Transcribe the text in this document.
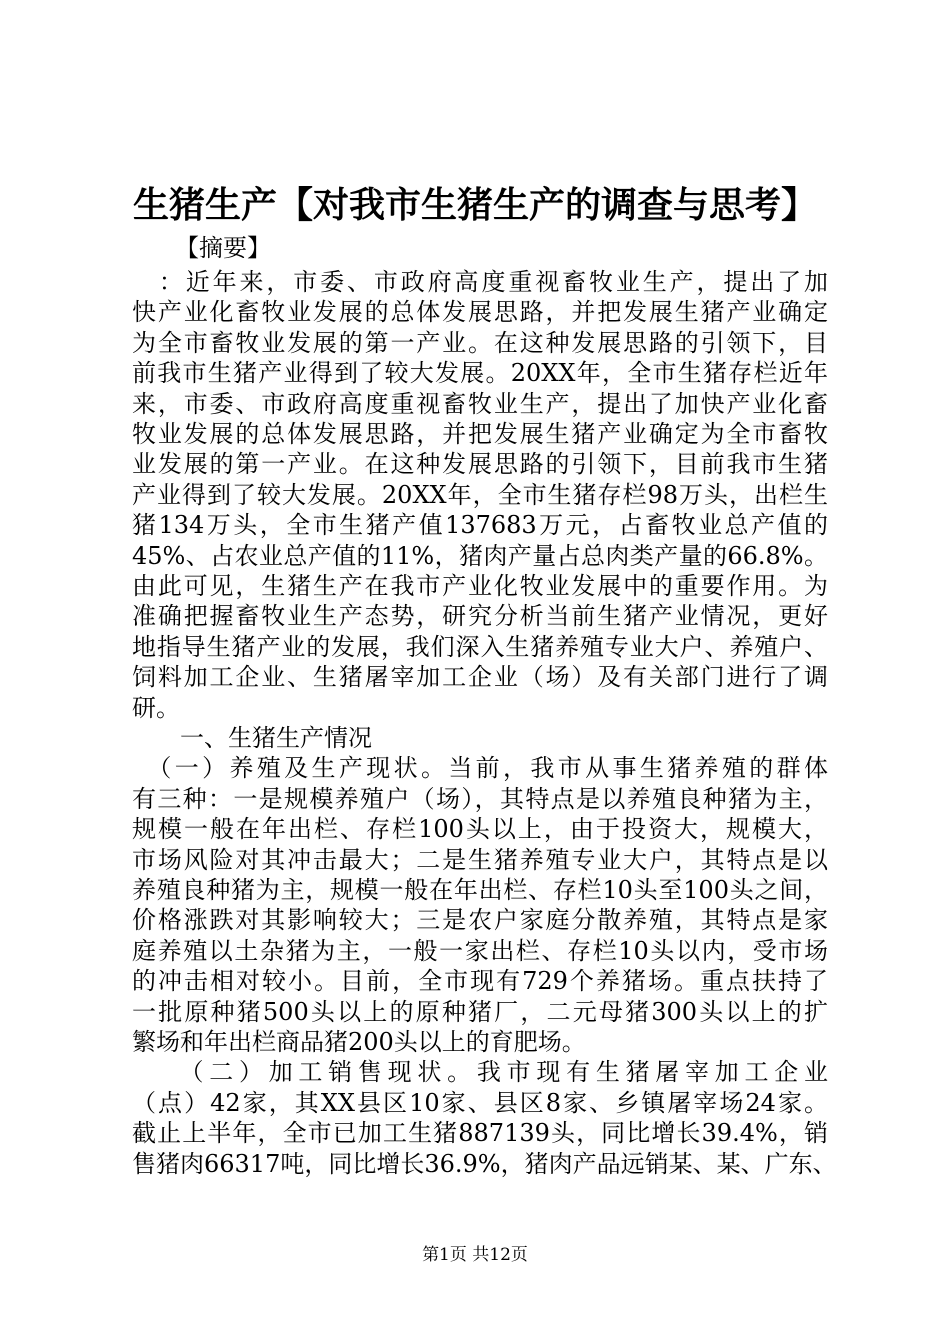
生猪生产【对我市生猪生产的调查与思考】
【摘要】
　：近年来，市委、市政府高度重视畜牧业生产，提出了加
快产业化畜牧业发展的总体发展思路，并把发展生猪产业确定
为全市畜牧业发展的第一产业。在这种发展思路的引领下，目
前我市生猪产业得到了较大发展。20XX年，全市生猪存栏近年
来，市委、市政府高度重视畜牧业生产，提出了加快产业化畜
牧业发展的总体发展思路，并把发展生猪产业确定为全市畜牧
业发展的第一产业。在这种发展思路的引领下，目前我市生猪
产业得到了较大发展。20XX年，全市生猪存栏98万头，出栏生
猪134万头，全市生猪产值137683万元，占畜牧业总产值的
45%、占农业总产值的11%，猪肉产量占总肉类产量的66.8%。
由此可见，生猪生产在我市产业化牧业发展中的重要作用。为
准确把握畜牧业生产态势，研究分析当前生猪产业情况，更好
地指导生猪产业的发展，我们深入生猪养殖专业大户、养殖户、
饲料加工企业、生猪屠宰加工企业（场）及有关部门进行了调
研。
　　一、生猪生产情况
　（一）养殖及生产现状。当前，我市从事生猪养殖的群体
有三种：一是规模养殖户（场），其特点是以养殖良种猪为主，
规模一般在年出栏、存栏100头以上，由于投资大，规模大，
市场风险对其冲击最大；二是生猪养殖专业大户，其特点是以
养殖良种猪为主，规模一般在年出栏、存栏10头至100头之间，
价格涨跌对其影响较大；三是农户家庭分散养殖，其特点是家
庭养殖以土杂猪为主，一般一家出栏、存栏10头以内，受市场
的冲击相对较小。目前，全市现有729个养猪场。重点扶持了
一批原种猪500头以上的原种猪厂，二元母猪300头以上的扩
繁场和年出栏商品猪200头以上的育肥场。
　　（二）加工销售现状。我市现有生猪屠宰加工企业
（点）42家，其XX县区10家、县区8家、乡镇屠宰场24家。
第1页 共12页
截止上半年，全市已加工生猪887139头，同比增长39.4%，销
售猪肉66317吨，同比增长36.9%，猪肉产品远销某、某、广东、
